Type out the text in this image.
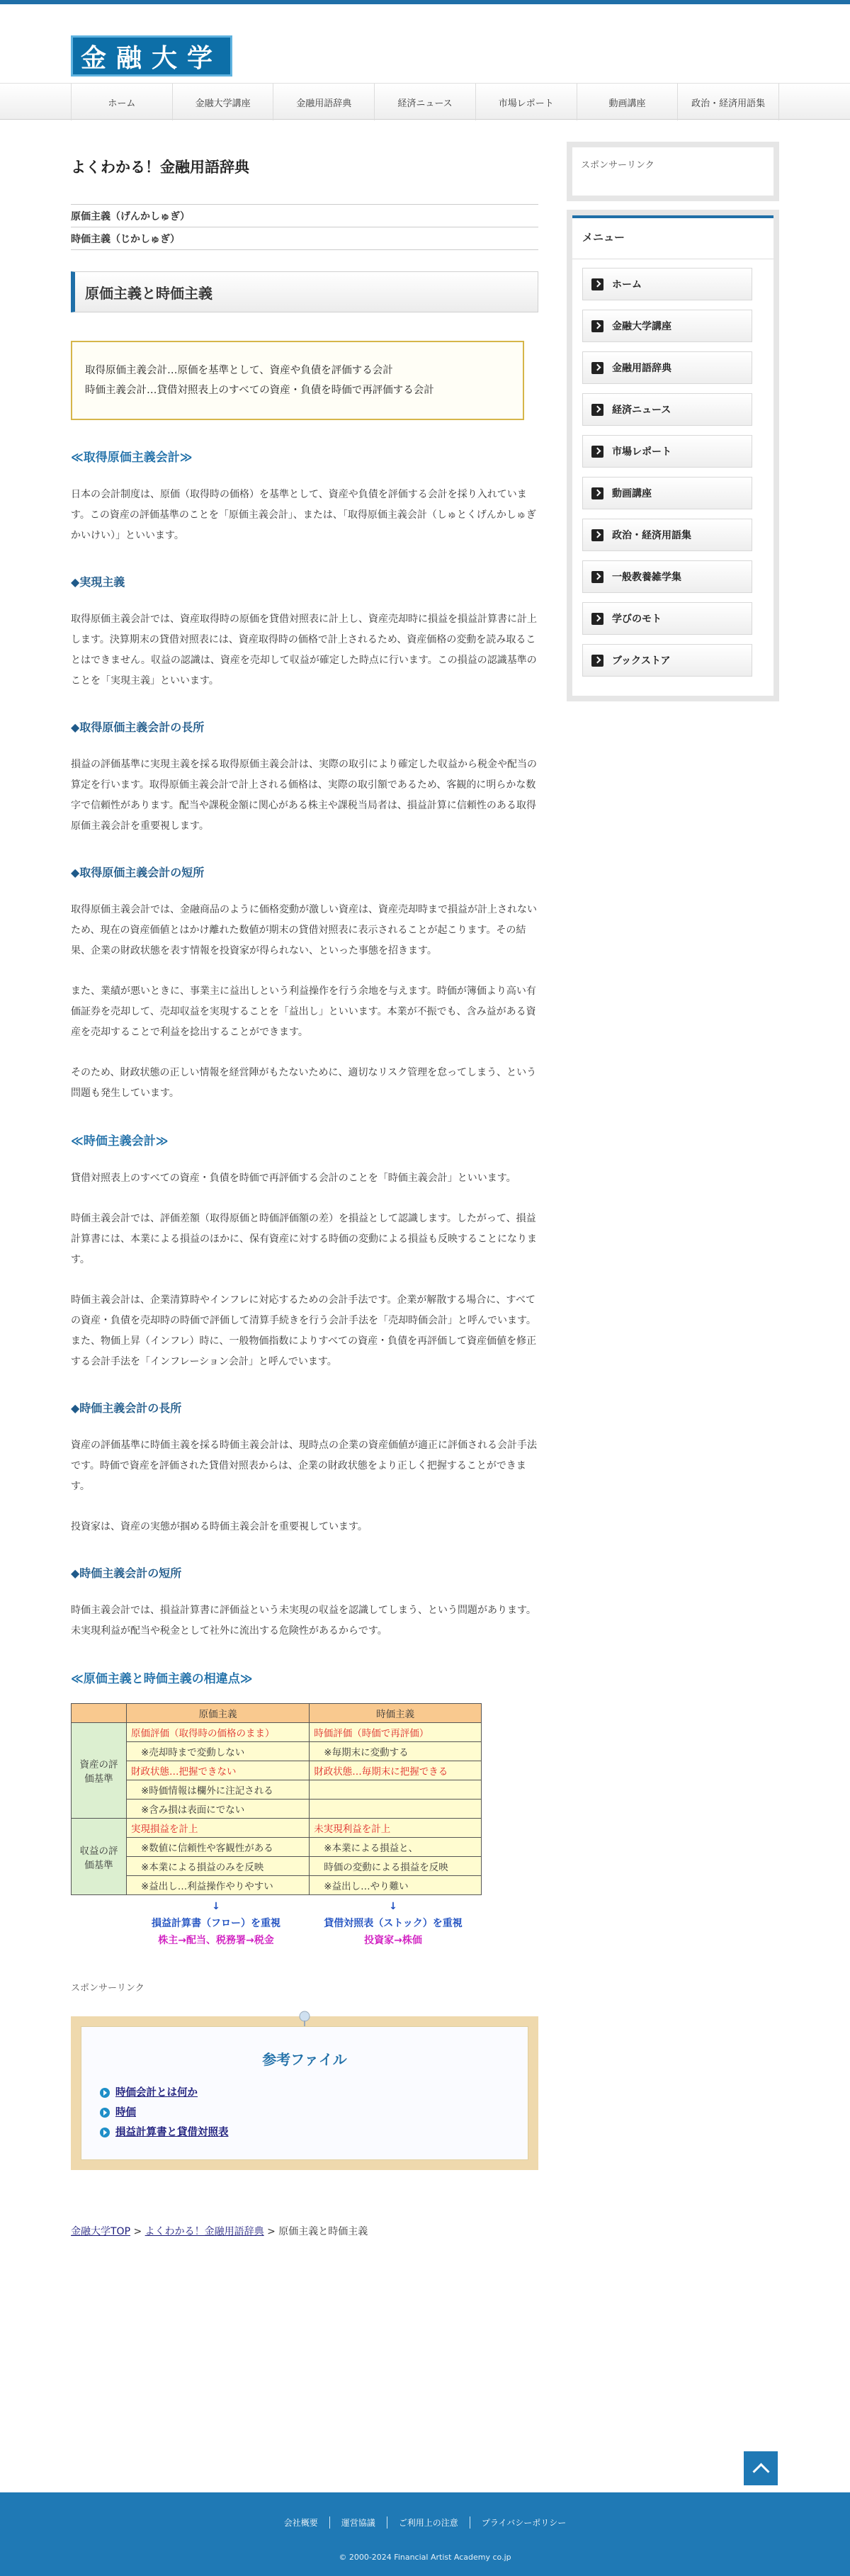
金融大学
ホーム	金融大学講座	金融用語辞典	経済ニュース	市場レポート	動画講座	政治・経済用語集
よくわかる！金融用語辞典
原価主義（げんかしゅぎ）
時価主義（じかしゅぎ）
原価主義と時価主義
取得原価主義会計…原価を基準として、資産や負債を評価する会計
時価主義会計…貸借対照表上のすべての資産・負債を時価で再評価する会計
≪取得原価主義会計≫

日本の会計制度は、原価（取得時の価格）を基準として、資産や負債を評価する会計を採り入れています。この資産の評価基準のことを「原価主義会計」、または、「取得原価主義会計（しゅとくげんかしゅぎかいけい）」といいます。

◆実現主義

取得原価主義会計では、資産取得時の原価を貸借対照表に計上し、資産売却時に損益を損益計算書に計上します。決算期末の貸借対照表には、資産取得時の価格で計上されるため、資産価格の変動を読み取ることはできません。収益の認識は、資産を売却して収益が確定した時点に行います。この損益の認識基準のことを「実現主義」といいます。

◆取得原価主義会計の長所

損益の評価基準に実現主義を採る取得原価主義会計は、実際の取引により確定した収益から税金や配当の算定を行います。取得原価主義会計で計上される価格は、実際の取引額であるため、客観的に明らかな数字で信頼性があります。配当や課税金額に関心がある株主や課税当局者は、損益計算に信頼性のある取得原価主義会計を重要視します。

◆取得原価主義会計の短所

取得原価主義会計では、金融商品のように価格変動が激しい資産は、資産売却時まで損益が計上されないため、現在の資産価値とはかけ離れた数値が期末の貸借対照表に表示されることが起こります。その結果、企業の財政状態を表す情報を投資家が得られない、といった事態を招きます。

また、業績が悪いときに、事業主に益出しという利益操作を行う余地を与えます。時価が簿価より高い有価証券を売却して、売却収益を実現することを「益出し」といいます。本業が不振でも、含み益がある資産を売却することで利益を捻出することができます。

そのため、財政状態の正しい情報を経営陣がもたないために、適切なリスク管理を怠ってしまう、という問題も発生しています。

≪時価主義会計≫

貸借対照表上のすべての資産・負債を時価で再評価する会計のことを「時価主義会計」といいます。

時価主義会計では、評価差額（取得原価と時価評価額の差）を損益として認識します。したがって、損益計算書には、本業による損益のほかに、保有資産に対する時価の変動による損益も反映することになります。

時価主義会計は、企業清算時やインフレに対応するための会計手法です。企業が解散する場合に、すべての資産・負債を売却時の時価で評価して清算手続きを行う会計手法を「売却時価会計」と呼んでいます。また、物価上昇（インフレ）時に、一般物価指数によりすべての資産・負債を再評価して資産価値を修正する会計手法を「インフレーション会計」と呼んでいます。

◆時価主義会計の長所

資産の評価基準に時価主義を採る時価主義会計は、現時点の企業の資産価値が適正に評価される会計手法です。時価で資産を評価された貸借対照表からは、企業の財政状態をより正しく把握することができます。

投資家は、資産の実態が掴める時価主義会計を重要視しています。

◆時価主義会計の短所

時価主義会計では、損益計算書に評価益という未実現の収益を認識してしまう、という問題があります。未実現利益が配当や税金として社外に流出する危険性があるからです。

≪原価主義と時価主義の相違点≫
	原価主義	時価主義
資産の評価基準	原価評価（取得時の価格のまま）	時価評価（時価で再評価）
	※売却時まで変動しない	※毎期末に変動する
	財政状態…把握できない	財政状態…毎期末に把握できる
	※時価情報は欄外に注記される	
	※含み損は表面にでない	
収益の評価基準	実現損益を計上	未実現利益を計上
	※数値に信頼性や客観性がある	※本業による損益と、
	※本業による損益のみを反映	時価の変動による損益を反映
	※益出し…利益操作やりやすい	※益出し…やり難い
↓
損益計算書（フロー）を重視
株主→配当、税務署→税金
↓
貸借対照表（ストック）を重視
投資家→株価
スポンサーリンク
参考ファイル
時価会計とは何か
時価
損益計算書と貸借対照表
金融大学TOP > よくわかる！金融用語辞典 > 原価主義と時価主義
スポンサーリンク
メニュー
ホーム
金融大学講座
金融用語辞典
経済ニュース
市場レポート
動画講座
政治・経済用語集
一般教養雑学集
学びのモト
ブックストア
会社概要	運営協議	ご利用上の注意	プライバシーポリシー
© 2000-2024 Financial Artist Academy co.jp
